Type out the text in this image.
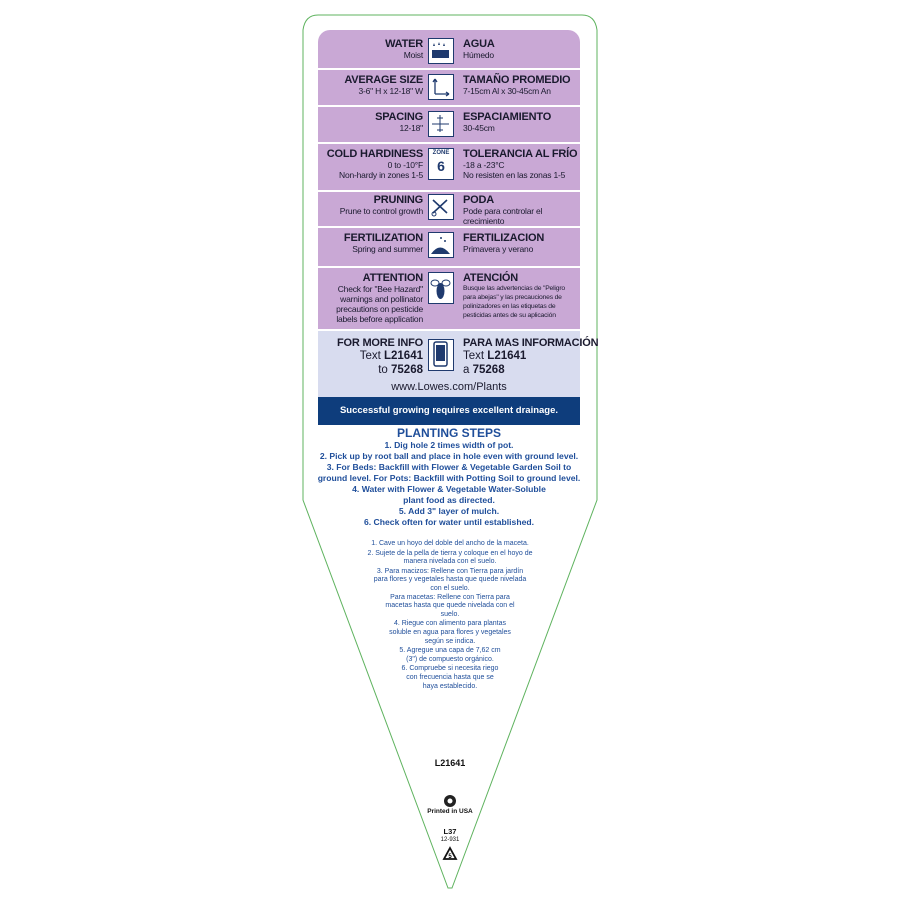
WATER
Moist
AGUA
Húmedo
AVERAGE SIZE
3-6" H x 12-18" W
TAMAÑO PROMEDIO
7-15cm Al x 30-45cm An
SPACING
12-18"
ESPACIAMIENTO
30-45cm
COLD HARDINESS
0 to -10°F
Non-hardy in zones 1-5
ZONE
6
TOLERANCIA AL FRÍO
-18 a -23°C
No resisten en las zonas 1-5
PRUNING
Prune to control growth
PODA
Pode para controlar el
crecimiento
FERTILIZATION
Spring and summer
FERTILIZACION
Primavera y verano
ATTENTION
Check for "Bee Hazard"
warnings and pollinator
precautions on pesticide
labels before application
ATENCIÓN
Busque las advertencias de "Peligro
para abejas" y las precauciones de
polinizadores en las etiquetas de
pesticidas antes de su aplicación
FOR MORE INFO
Text L21641
to 75268
PARA MAS INFORMACIÓN
Text L21641
a 75268
www.Lowes.com/Plants
Successful growing requires excellent drainage.
PLANTING STEPS
1. Dig hole 2 times width of pot.
2. Pick up by root ball and place in hole even with ground level.
3. For Beds: Backfill with Flower & Vegetable Garden Soil to
ground level. For Pots: Backfill with Potting Soil to ground level.
4. Water with Flower & Vegetable Water-Soluble
plant food as directed.
5. Add 3" layer of mulch.
6. Check often for water until established.
1. Cave un hoyo del doble del ancho de la maceta.
2. Sujete de la pella de tierra y coloque en el hoyo de
manera nivelada con el suelo.
3. Para macizos: Rellene con Tierra para jardín
para flores y vegetales hasta que quede nivelada
con el suelo.
Para macetas: Rellene con Tierra para
macetas hasta que quede nivelada con el
suelo.
4. Riegue con alimento para plantas
soluble en agua para flores y vegetales
según se indica.
5. Agregue una capa de 7,62 cm
(3") de compuesto orgánico.
6. Compruebe si necesita riego
con frecuencia hasta que se
haya establecido.
L21641
Printed in USA
L37
12-931
5
